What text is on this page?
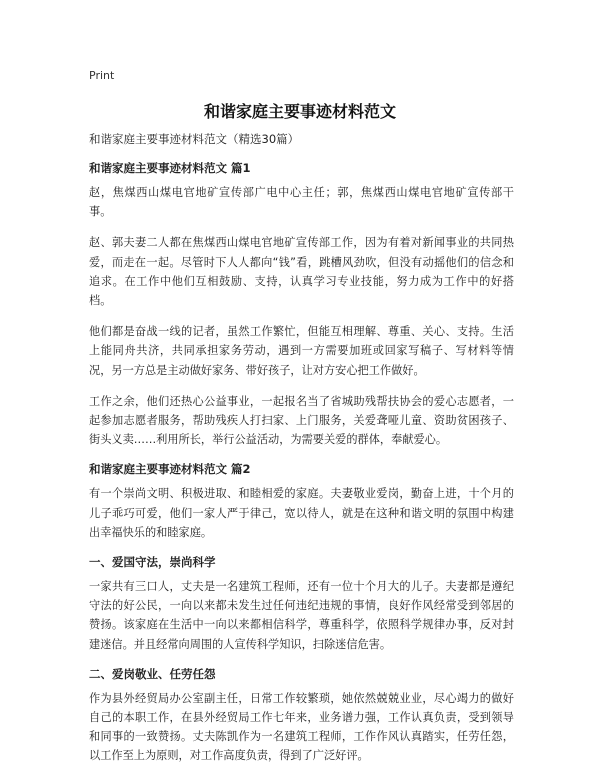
Print
和谐家庭主要事迹材料范文

和谐家庭主要事迹材料范文（精选30篇）

和谐家庭主要事迹材料范文 篇1

赵，焦煤西山煤电官地矿宣传部广电中心主任；郭，焦煤西山煤电官地矿宣传部干事。

赵、郭夫妻二人都在焦煤西山煤电官地矿宣传部工作，因为有着对新闻事业的共同热爱，而走在一起。尽管时下人人都向“钱”看，跳槽风劲吹，但没有动摇他们的信念和追求。在工作中他们互相鼓励、支持，认真学习专业技能，努力成为工作中的好搭档。

他们都是奋战一线的记者，虽然工作繁忙，但能互相理解、尊重、关心、支持。生活上能同舟共济，共同承担家务劳动，遇到一方需要加班或回家写稿子、写材料等情况，另一方总是主动做好家务、带好孩子，让对方安心把工作做好。

工作之余，他们还热心公益事业，一起报名当了省城助残帮扶协会的爱心志愿者，一起参加志愿者服务，帮助残疾人打扫家、上门服务，关爱聋哑儿童、资助贫困孩子、街头义卖……利用所长，举行公益活动，为需要关爱的群体，奉献爱心。

和谐家庭主要事迹材料范文 篇2

有一个崇尚文明、积极进取、和睦相爱的家庭。夫妻敬业爱岗，勤奋上进，十个月的儿子乖巧可爱，他们一家人严于律己，宽以待人，就是在这种和谐文明的氛围中构建出幸福快乐的和睦家庭。

一、爱国守法，崇尚科学

一家共有三口人，丈夫是一名建筑工程师，还有一位十个月大的儿子。夫妻都是遵纪守法的好公民，一向以来都未发生过任何违纪违规的事情，良好作风经常受到邻居的赞扬。该家庭在生活中一向以来都相信科学，尊重科学，依照科学规律办事，反对封建迷信。并且经常向周围的人宣传科学知识，扫除迷信危害。

二、爱岗敬业、任劳任怨

作为县外经贸局办公室副主任，日常工作较繁琐，她依然兢兢业业，尽心竭力的做好自己的本职工作，在县外经贸局工作七年来，业务谱力强，工作认真负责，受到领导和同事的一致赞扬。丈夫陈凯作为一名建筑工程师，工作作风认真踏实，任劳任怨，以工作至上为原则，对工作高度负责，得到了广泛好评。
